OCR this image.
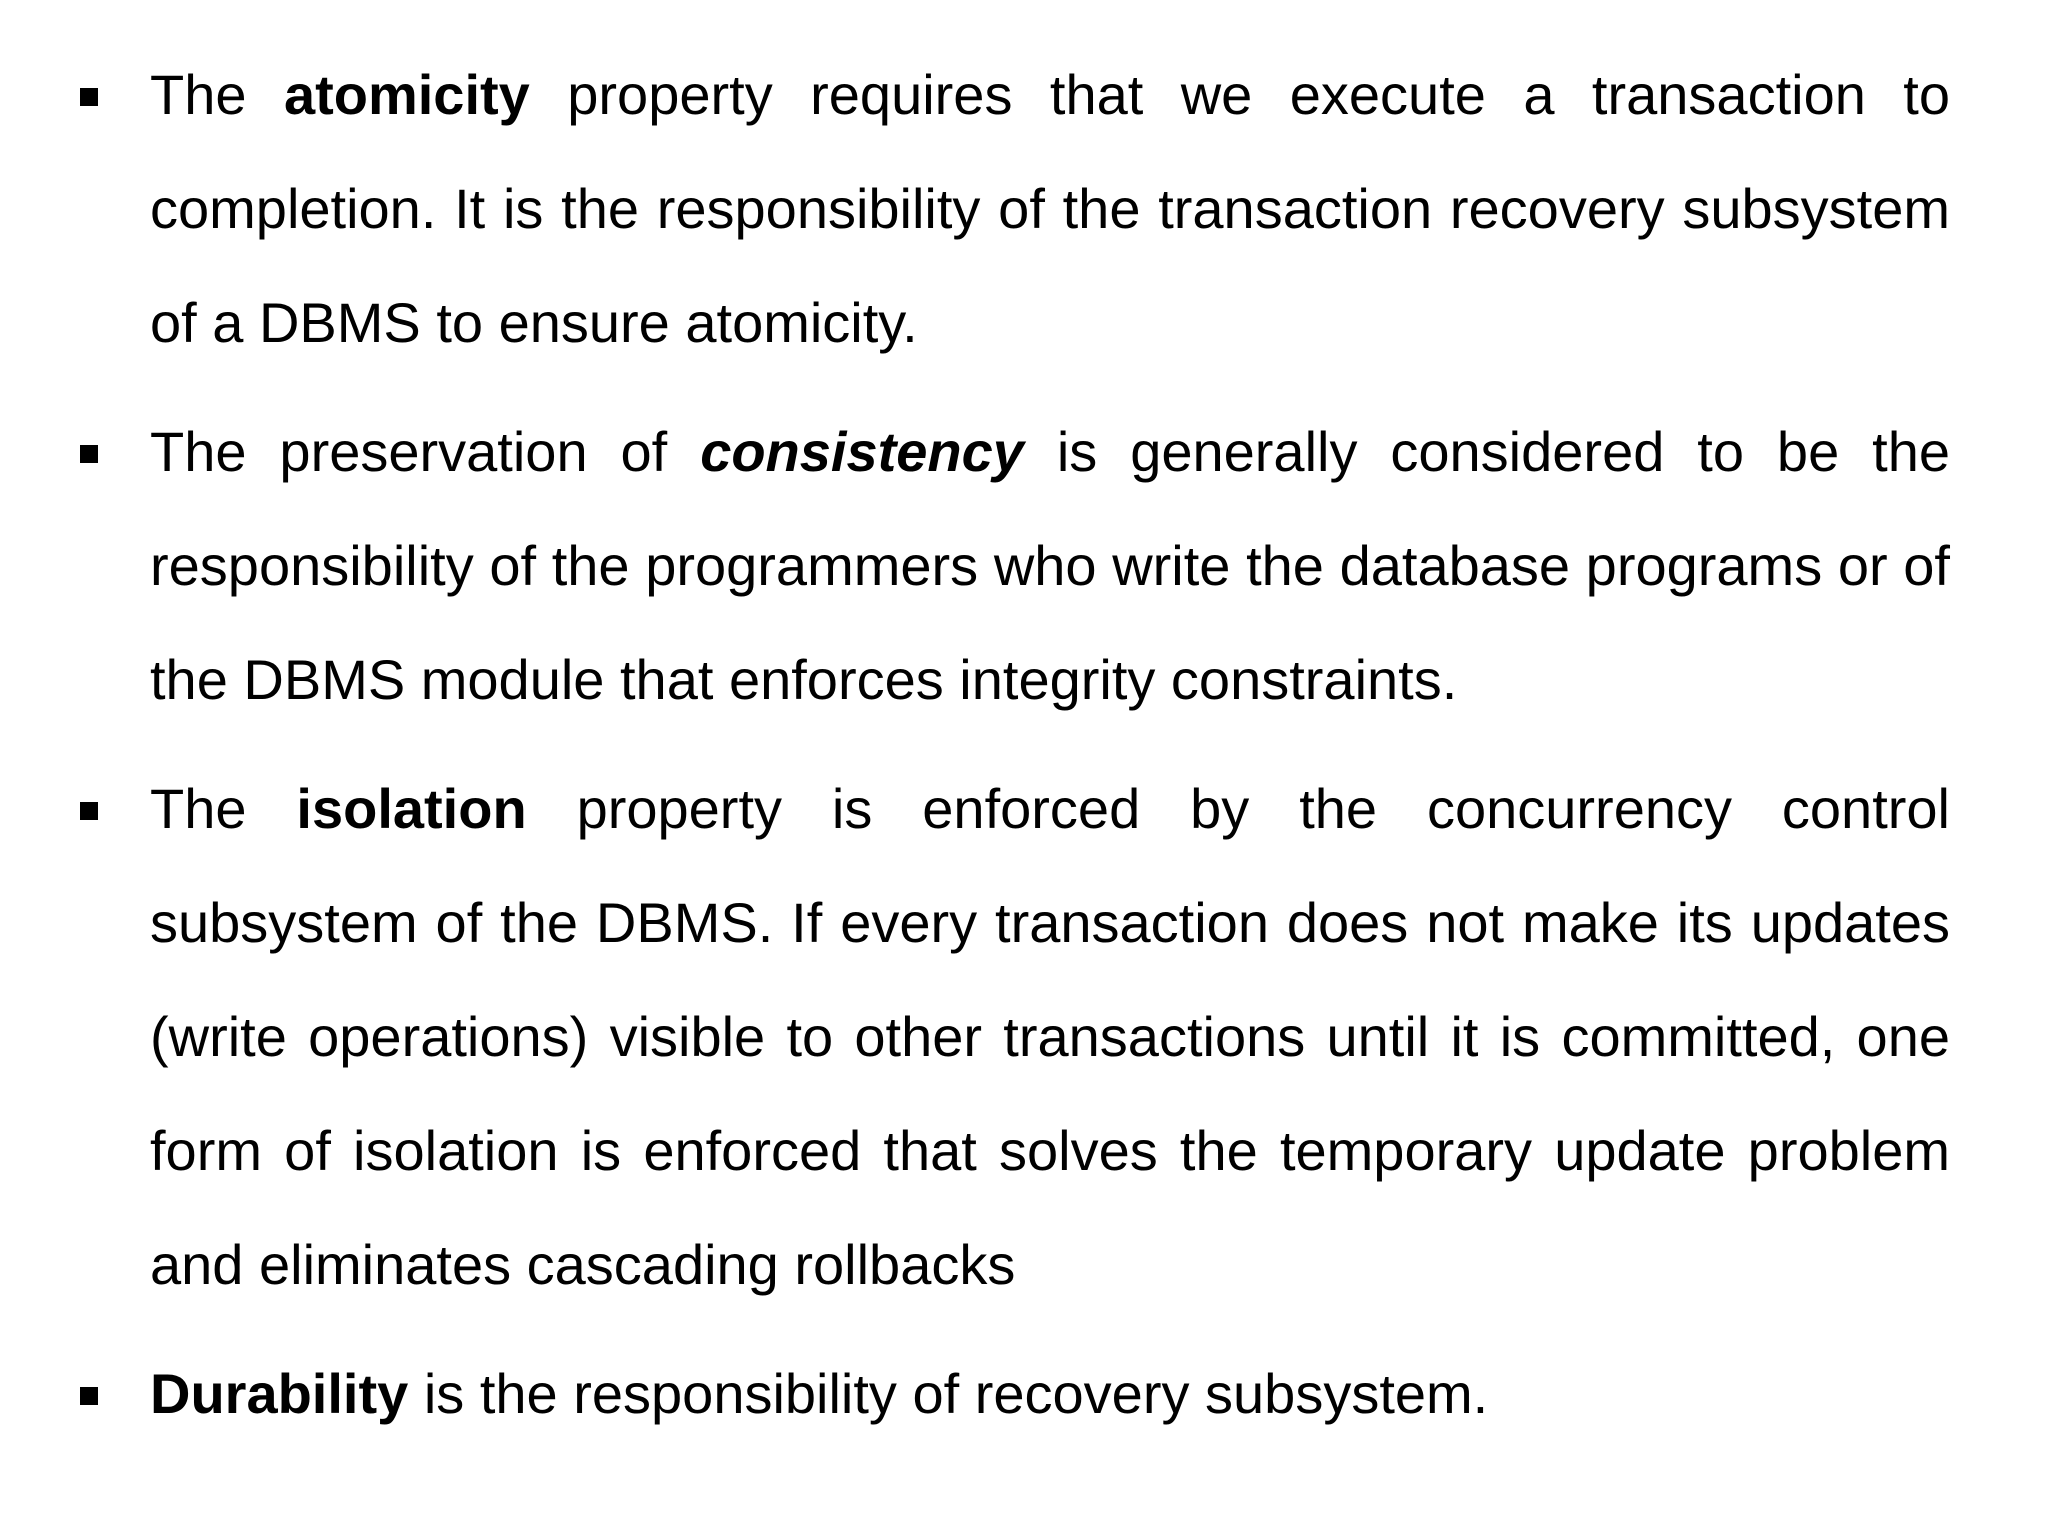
The atomicity property requires that we execute a transaction to completion. It is the responsibility of the transaction recovery subsystem of a DBMS to ensure atomicity.
The preservation of consistency is generally considered to be the responsibility of the programmers who write the database programs or of the DBMS module that enforces integrity constraints.
The isolation property is enforced by the concurrency control subsystem of the DBMS. If every transaction does not make its updates (write operations) visible to other transactions until it is committed, one form of isolation is enforced that solves the temporary update problem and eliminates cascading rollbacks
Durability is the responsibility of recovery subsystem.
